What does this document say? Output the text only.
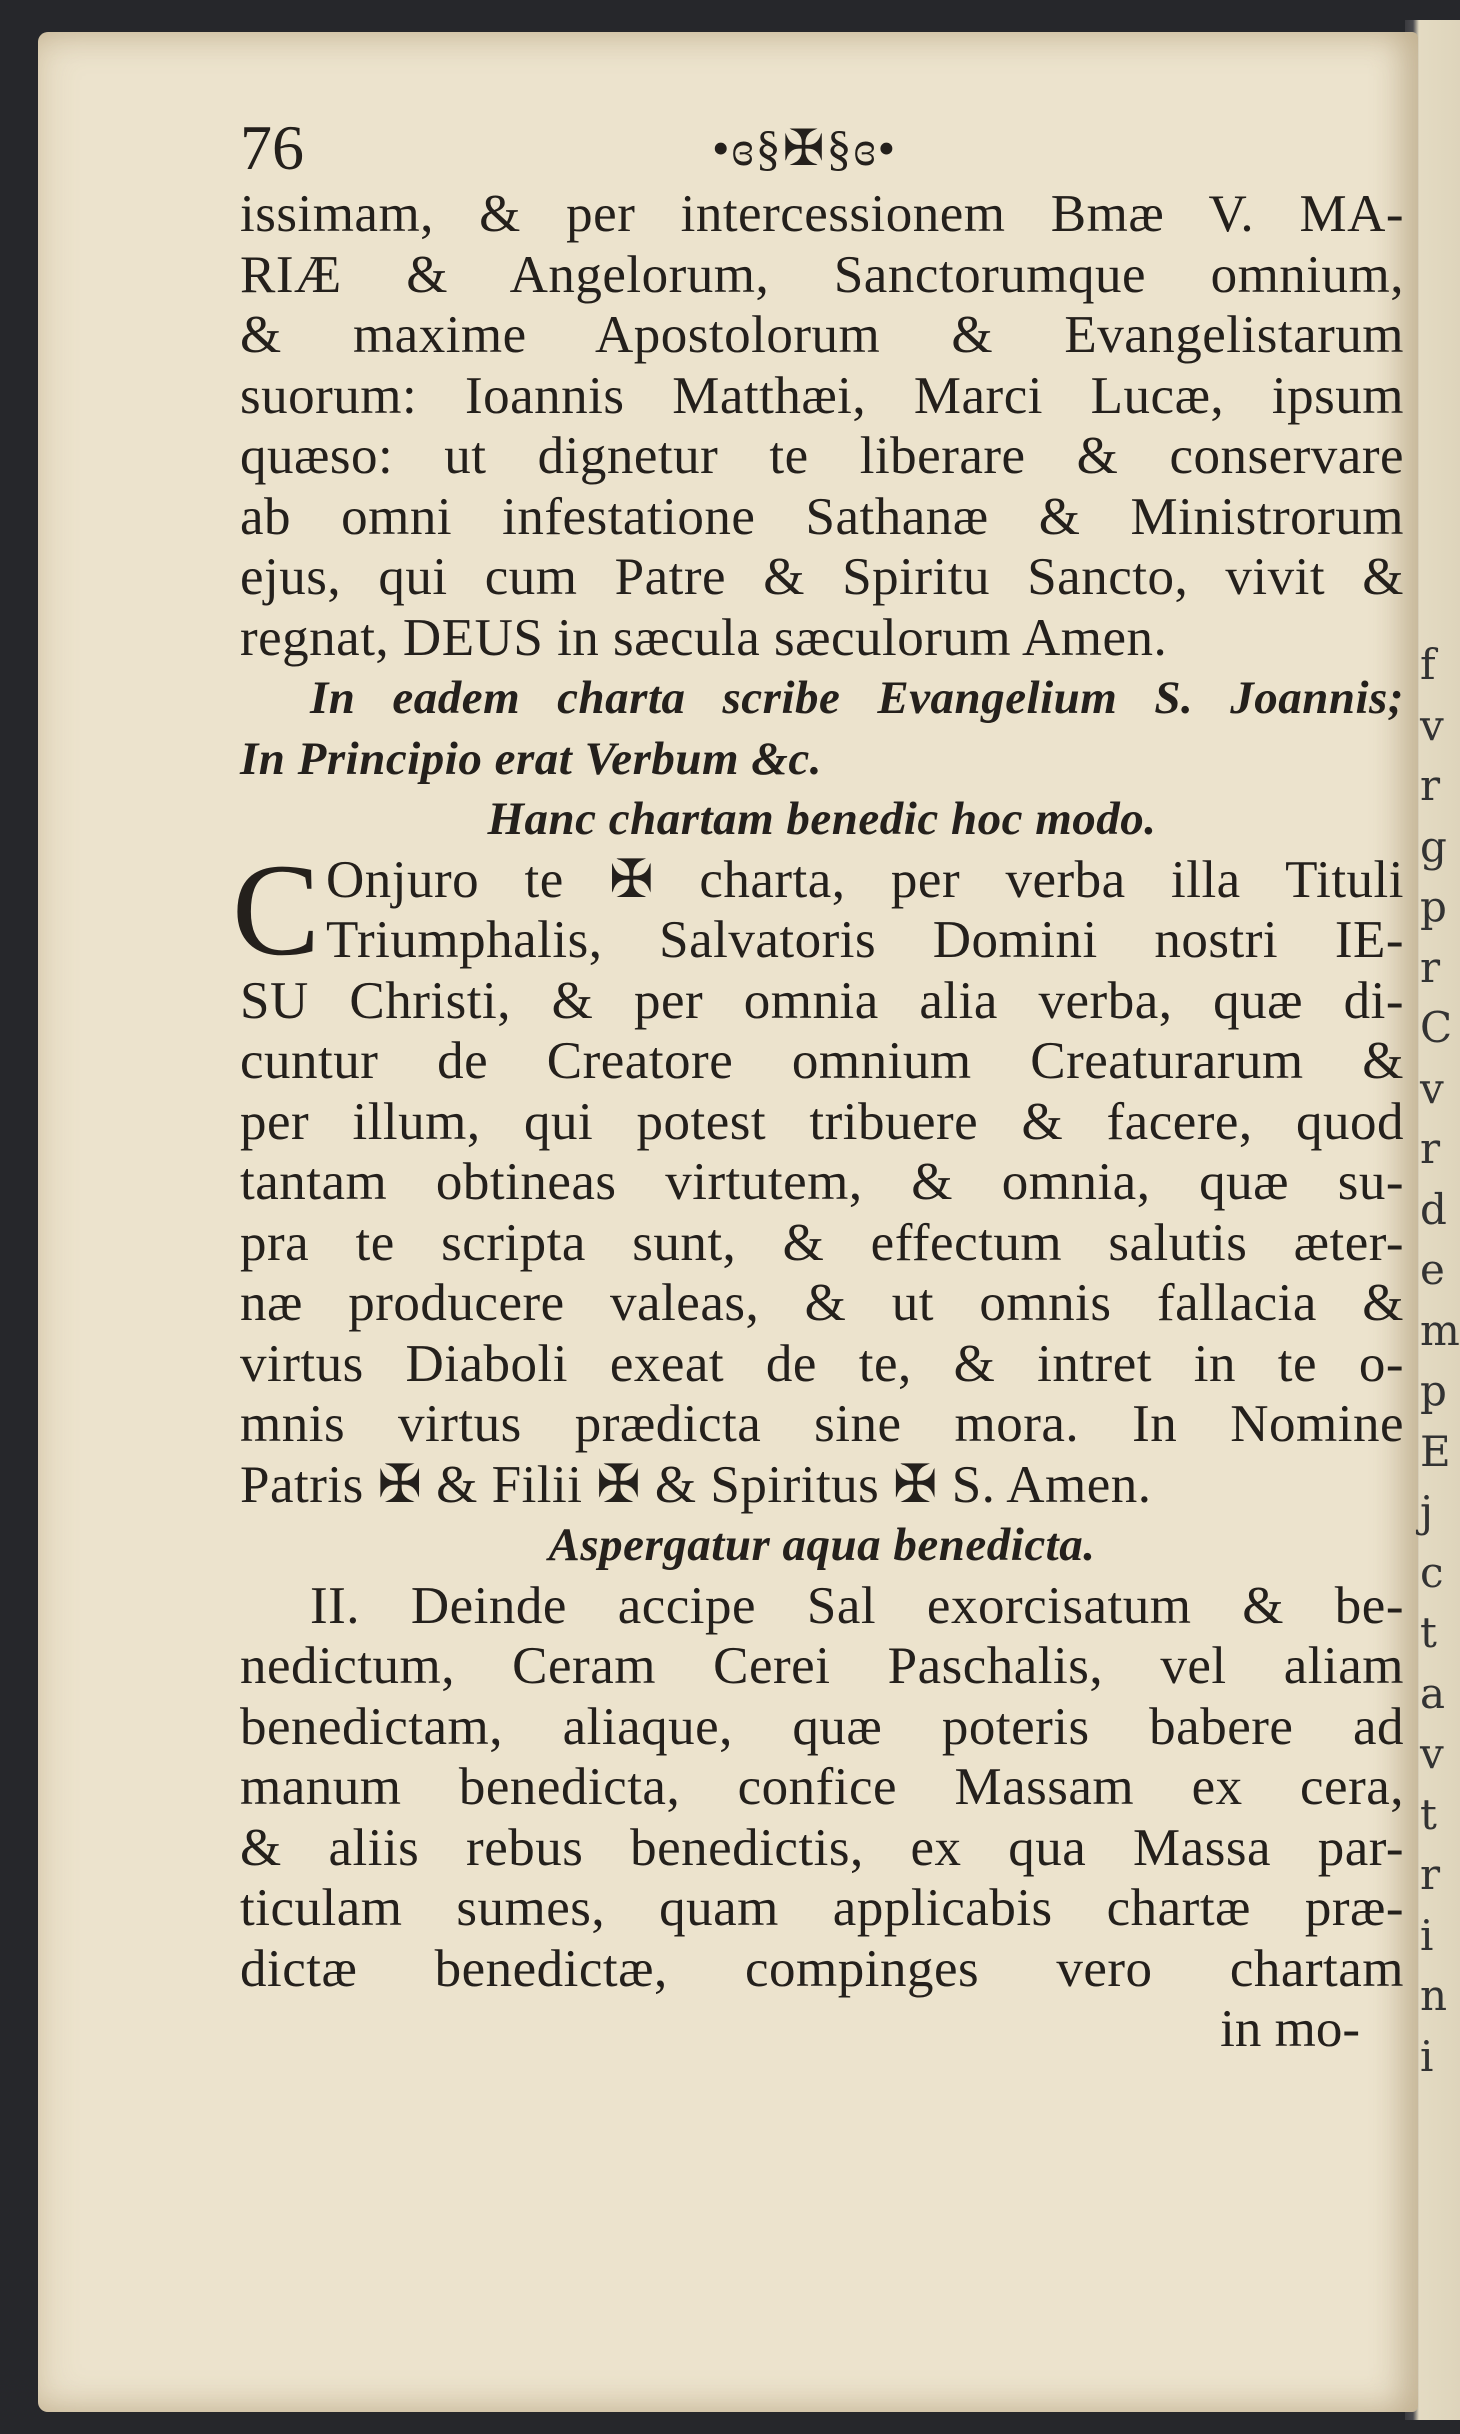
f
v
r
g
p
r
C
v
r
d
e
m
p
E
j
c
t
a
v
t
r
i
n
i
76	•ɞ§✠§ɞ•
issimam, & per intercessionem Bmæ V. MA-
RIÆ & Angelorum, Sanctorumque omnium,
& maxime Apostolorum & Evangelistarum
suorum: Ioannis Matthæi, Marci Lucæ, ipsum
quæso: ut dignetur te liberare & conservare
ab omni infestatione Sathanæ & Ministrorum
ejus, qui cum Patre & Spiritu Sancto, vivit &
regnat, DEUS in sæcula sæculorum Amen.
In eadem charta scribe Evangelium S. Joannis;
In Principio erat Verbum &c.
Hanc chartam benedic hoc modo.
C Onjuro te ✠ charta, per verba illa Tituli
Triumphalis, Salvatoris Domini nostri IE-
SU Christi, & per omnia alia verba, quæ di-
cuntur de Creatore omnium Creaturarum &
per illum, qui potest tribuere & facere, quod
tantam obtineas virtutem, & omnia, quæ su-
pra te scripta sunt, & effectum salutis æter-
næ producere valeas, & ut omnis fallacia &
virtus Diaboli exeat de te, & intret in te o-
mnis virtus prædicta sine mora. In Nomine
Patris ✠ & Filii ✠ & Spiritus ✠ S. Amen.
Aspergatur aqua benedicta.
II. Deinde accipe Sal exorcisatum & be-
nedictum, Ceram Cerei Paschalis, vel aliam
benedictam, aliaque, quæ poteris babere ad
manum benedicta, confice Massam ex cera,
& aliis rebus benedictis, ex qua Massa par-
ticulam sumes, quam applicabis chartæ præ-
dictæ benedictæ, compinges vero chartam
in mo-
